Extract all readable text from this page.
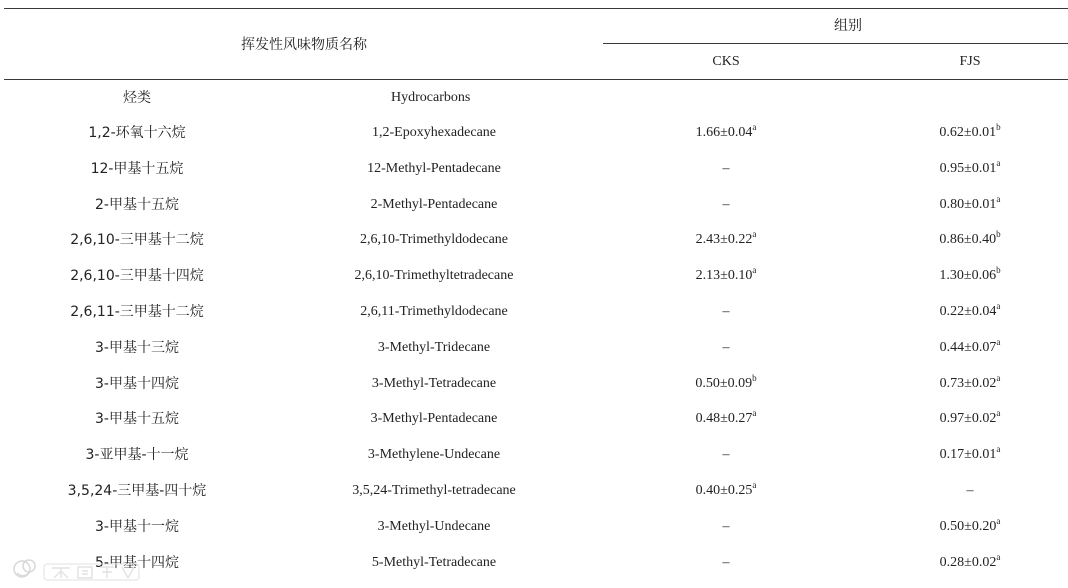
挥发性风味物质名称
组别
CKS	FJS
烃类	Hydrocarbons
1,2-环氧十六烷	1,2-Epoxyhexadecane	1.66±0.04$^a$	0.62±0.01$^b$
12-甲基十五烷	12-Methyl-Pentadecane	–	0.95±0.01$^a$
2-甲基十五烷	2-Methyl-Pentadecane	–	0.80±0.01$^a$
2,6,10-三甲基十二烷	2,6,10-Trimethyldodecane	2.43±0.22$^a$	0.86±0.40$^b$
2,6,10-三甲基十四烷	2,6,10-Trimethyltetradecane	2.13±0.10$^a$	1.30±0.06$^b$
2,6,11-三甲基十二烷	2,6,11-Trimethyldodecane	–	0.22±0.04$^a$
3-甲基十三烷	3-Methyl-Tridecane	–	0.44±0.07$^a$
3-甲基十四烷	3-Methyl-Tetradecane	0.50±0.09$^b$	0.73±0.02$^a$
3-甲基十五烷	3-Methyl-Pentadecane	0.48±0.27$^a$	0.97±0.02$^a$
3-亚甲基-十一烷	3-Methylene-Undecane	–	0.17±0.01$^a$
3,5,24-三甲基-四十烷	3,5,24-Trimethyl-tetradecane	0.40±0.25$^a$	–
3-甲基十一烷	3-Methyl-Undecane	–	0.50±0.20$^a$
5-甲基十四烷	5-Methyl-Tetradecane	–	0.28±0.02$^a$
